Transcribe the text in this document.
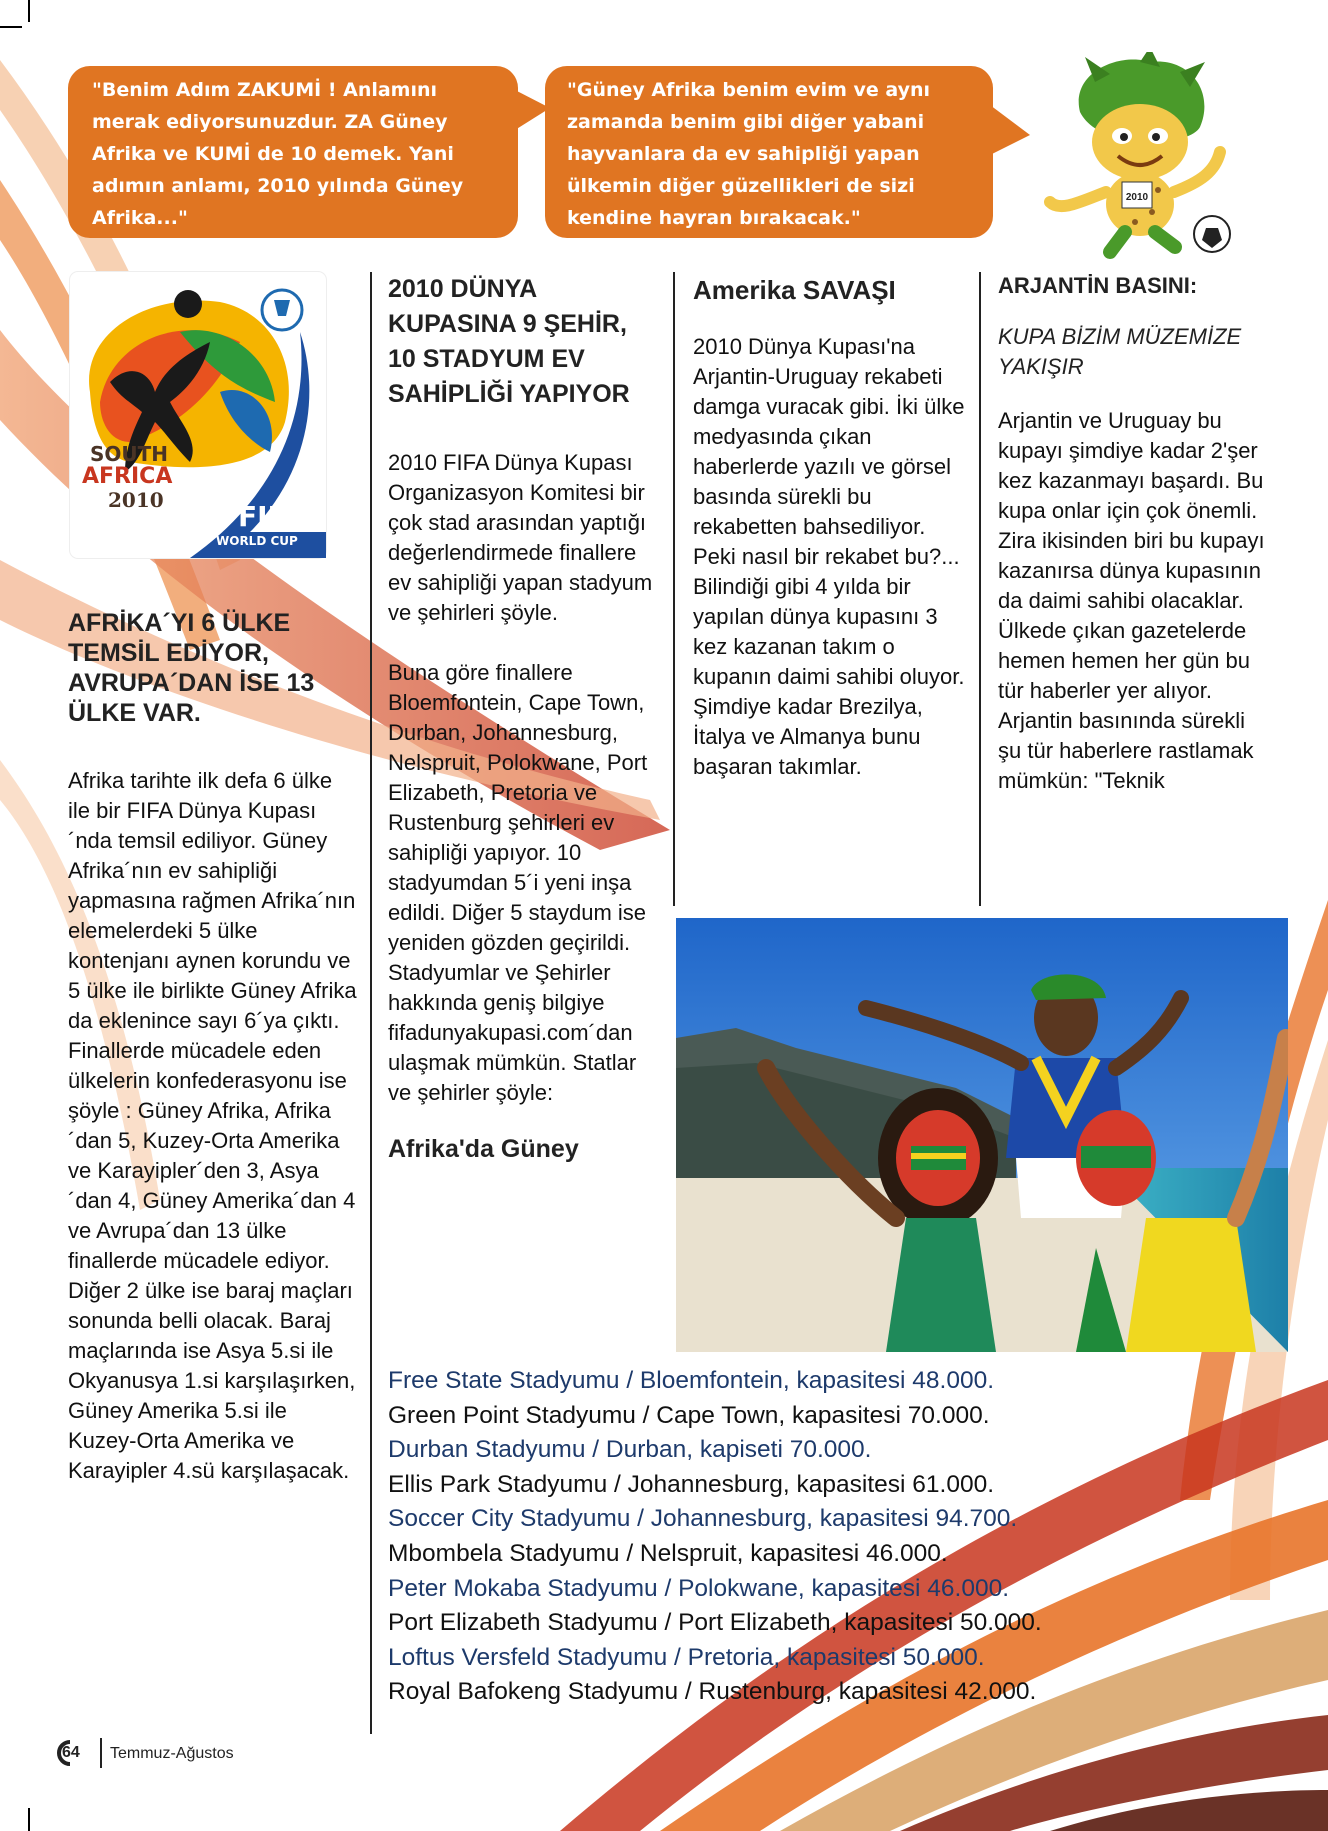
"Benim Adım ZAKUMİ ! Anlamını merak ediyorsunuzdur. ZA Güney Afrika ve KUMİ de 10 demek. Yani adımın anlamı, 2010 yılında Güney Afrika..."

"Güney Afrika benim evim ve aynı zamanda benim gibi diğer yabani hayvanlara da ev sahipliği yapan ülkemin diğer güzellikleri de sizi kendine hayran bırakacak."

2010
SOUTH
AFRICA
2010	FIFA
WORLD CUP
AFRİKA´YI 6 ÜLKE TEMSİL EDİYOR, AVRUPA´DAN İSE 13 ÜLKE VAR.

Afrika tarihte ilk defa 6 ülke ile bir FIFA Dünya Kupası´nda temsil ediliyor. Güney Afrika´nın ev sahipliği yapmasına rağmen Afrika´nın elemelerdeki 5 ülke kontenjanı aynen korundu ve 5 ülke ile birlikte Güney Afrika da eklenince sayı 6´ya çıktı. Finallerde mücadele eden ülkelerin konfederasyonu ise şöyle : Güney Afrika, Afrika´dan 5, Kuzey-Orta Amerika ve Karayipler´den 3, Asya´dan 4, Güney Amerika´dan 4 ve Avrupa´dan 13 ülke finallerde mücadele ediyor. Diğer 2 ülke ise baraj maçları sonunda belli olacak. Baraj maçlarında ise Asya 5.si ile Okyanusya 1.si karşılaşırken, Güney Amerika 5.si ile Kuzey-Orta Amerika ve Karayipler 4.sü karşılaşacak.

2010 DÜNYA KUPASINA 9 ŞEHİR, 10 STADYUM EV SAHİPLİĞİ YAPIYOR

2010 FIFA Dünya Kupası Organizasyon Komitesi bir çok stad arasından yaptığı değerlendirmede finallere ev sahipliği yapan stadyum ve şehirleri şöyle.

Buna göre finallere Bloemfontein, Cape Town, Durban, Johannesburg, Nelspruit, Polokwane, Port Elizabeth, Pretoria ve Rustenburg şehirleri ev sahipliği yapıyor. 10 stadyumdan 5´i yeni inşa edildi. Diğer 5 staydum ise yeniden gözden geçirildi. Stadyumlar ve Şehirler hakkında geniş bilgiye fifadunyakupasi.com´dan ulaşmak mümkün. Statlar ve şehirler şöyle:

Afrika'da Güney
Amerika SAVAŞI

2010 Dünya Kupası'na Arjantin-Uruguay rekabeti damga vuracak gibi. İki ülke medyasında çıkan haberlerde yazılı ve görsel basında sürekli bu rekabetten bahsediliyor.

Peki nasıl bir rekabet bu?...

Bilindiği gibi 4 yılda bir yapılan dünya kupasını 3 kez kazanan takım o kupanın daimi sahibi oluyor. Şimdiye kadar Brezilya, İtalya ve Almanya bunu başaran takımlar.

ARJANTİN BASINI:
KUPA BİZİM MÜZEMİZE YAKIŞIR

Arjantin ve Uruguay bu kupayı şimdiye kadar 2'şer kez kazanmayı başardı. Bu kupa onlar için çok önemli. Zira ikisinden biri bu kupayı kazanırsa dünya kupasının da daimi sahibi olacaklar. Ülkede çıkan gazetelerde hemen hemen her gün bu tür haberler yer alıyor. Arjantin basınında sürekli şu tür haberlere rastlamak mümkün: "Teknik

Free State Stadyumu / Bloemfontein, kapasitesi 48.000.
Green Point Stadyumu / Cape Town, kapasitesi 70.000.
Durban Stadyumu / Durban, kapiseti 70.000.
Ellis Park Stadyumu / Johannesburg, kapasitesi 61.000.
Soccer City Stadyumu / Johannesburg, kapasitesi 94.700.
Mbombela Stadyumu / Nelspruit, kapasitesi 46.000.
Peter Mokaba Stadyumu / Polokwane, kapasitesi 46.000.
Port Elizabeth Stadyumu / Port Elizabeth, kapasitesi 50.000.
Loftus Versfeld Stadyumu / Pretoria, kapasitesi 50.000.
Royal Bafokeng Stadyumu / Rustenburg, kapasitesi 42.000.
64 Temmuz-Ağustos
